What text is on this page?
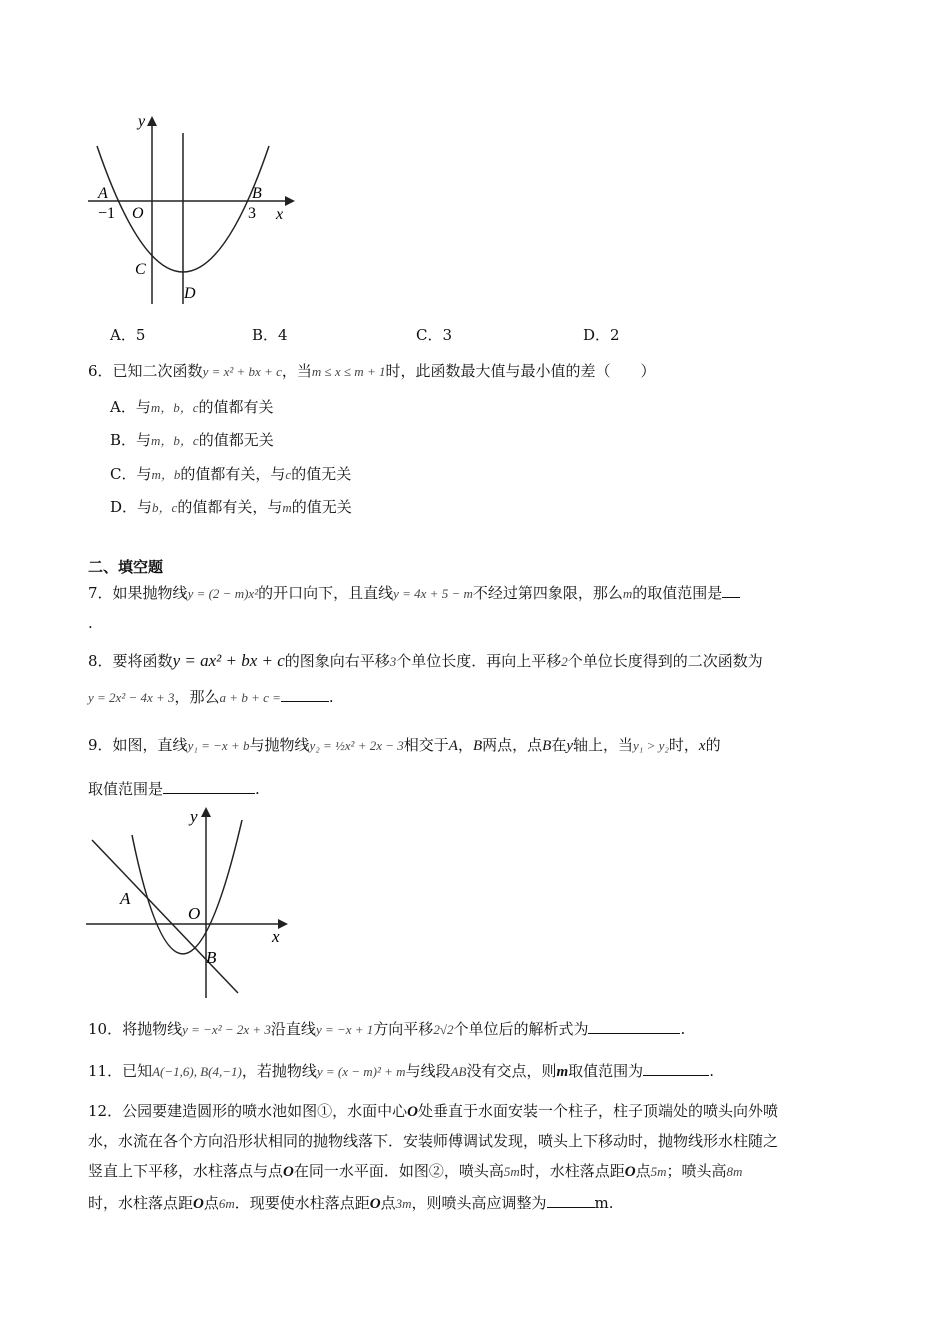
y
x
A	B
C
D
O
−1	3
A．5	B．4	C．3	D．2
6．已知二次函数y = x² + bx + c，当m ≤ x ≤ m + 1时，此函数最大值与最小值的差（　　）
A．与m，b，c的值都有关
B．与m，b，c的值都无关
C．与m，b的值都有关，与c的值无关
D．与b，c的值都有关，与m的值无关
二、填空题
7．如果抛物线y = (2 − m)x²的开口向下，且直线y = 4x + 5 − m不经过第四象限，那么m的取值范围是
.
8．要将函数y = ax² + bx + c的图象向右平移3个单位长度．再向上平移2个单位长度得到的二次函数为
y = 2x² − 4x + 3，那么a + b + c =	.
9．如图，直线y₁ = −x + b与抛物线y₂ = ½x² + 2x − 3相交于A，B两点，点B在y轴上，当y₁ > y₂时，x的
取值范围是	.
y
x
A
O
B
10．将抛物线y = −x² − 2x + 3沿直线y = −x + 1方向平移2√2个单位后的解析式为	.
11．已知A(−1,6), B(4,−1)，若抛物线y = (x − m)² + m与线段AB没有交点，则m取值范围为	.
12．公园要建造圆形的喷水池如图①，水面中心O处垂直于水面安装一个柱子，柱子顶端处的喷头向外喷
水，水流在各个方向沿形状相同的抛物线落下．安装师傅调试发现，喷头上下移动时，抛物线形水柱随之
竖直上下平移，水柱落点与点O在同一水平面．如图②，喷头高5m时，水柱落点距O点5m；喷头高8m
时，水柱落点距O点6m．现要使水柱落点距O点3m，则喷头高应调整为	m.
